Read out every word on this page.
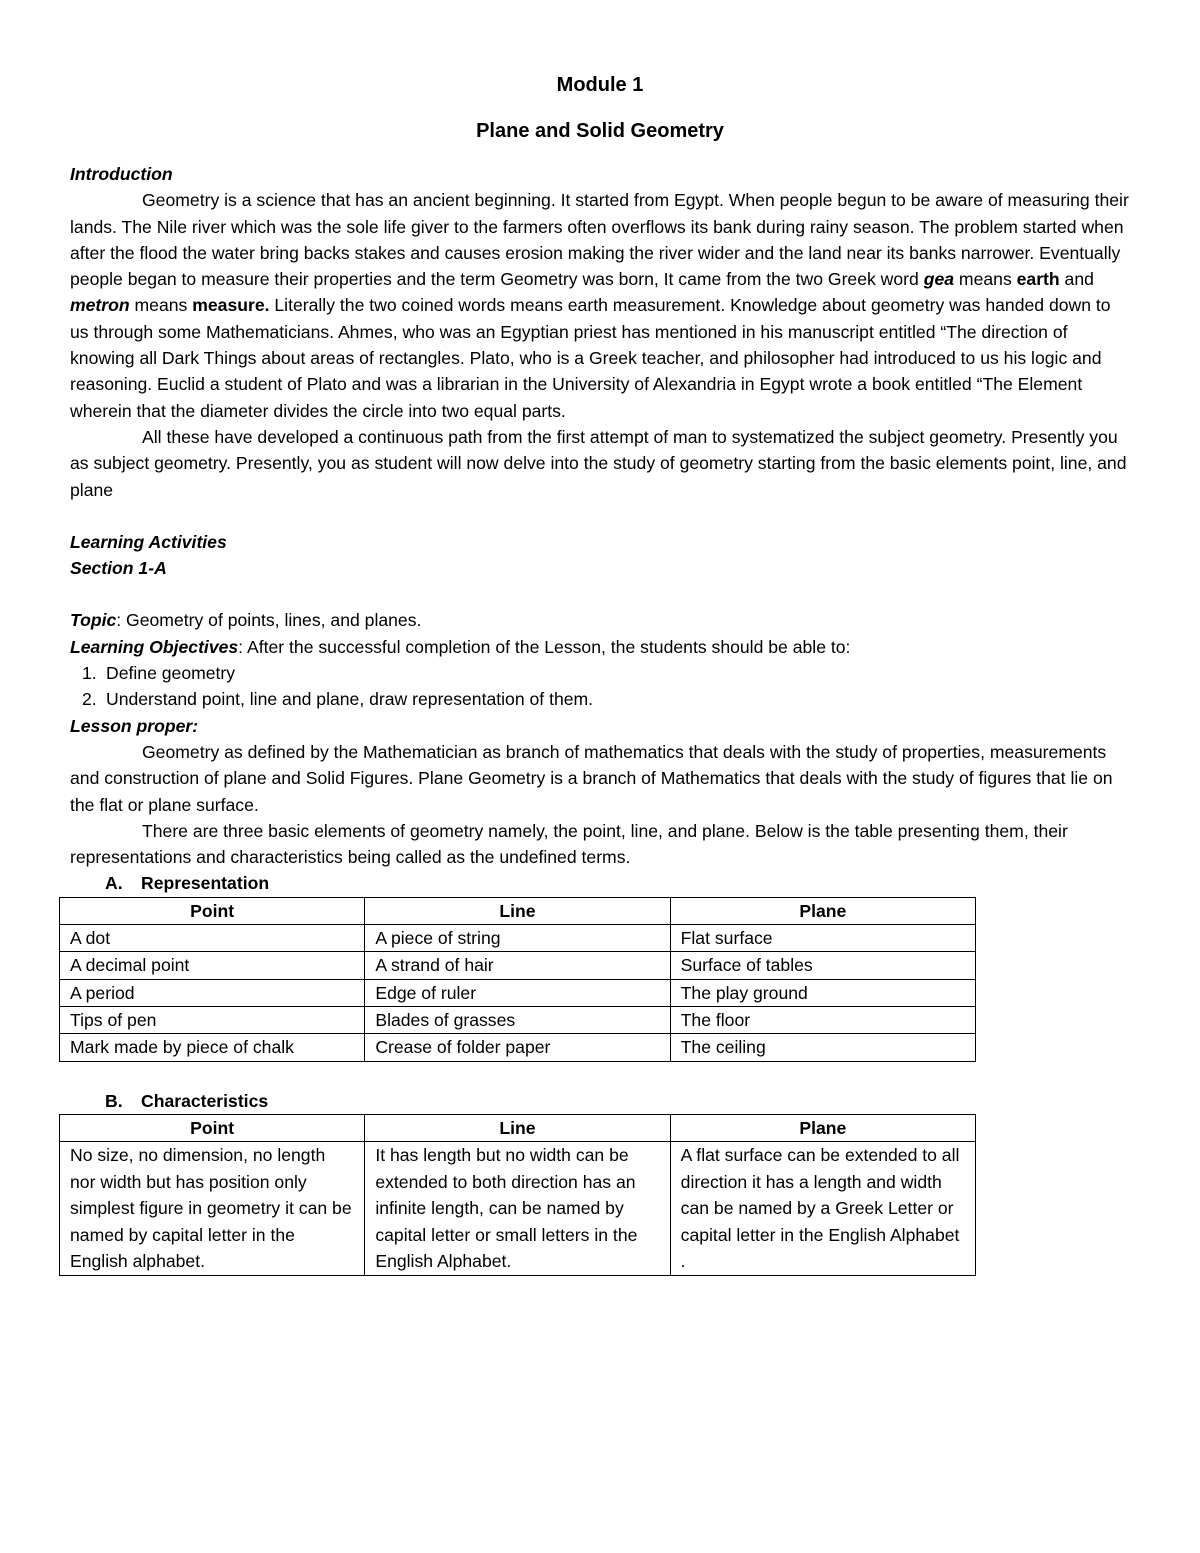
Module 1

Plane and Solid Geometry

Introduction

Geometry is a science that has an ancient beginning. It started from Egypt. When people begun to be aware of measuring their lands. The Nile river which was the sole life giver to the farmers often overflows its bank during rainy season. The problem started when after the flood the water bring backs stakes and causes erosion making the river wider and the land near its banks narrower. Eventually people began to measure their properties and the term Geometry was born, It came from the two Greek word gea means earth and metron means measure. Literally the two coined words means earth measurement. Knowledge about geometry was handed down to us through some Mathematicians. Ahmes, who was an Egyptian priest has mentioned in his manuscript entitled “The direction of knowing all Dark Things about areas of rectangles. Plato, who is a Greek teacher, and philosopher had introduced to us his logic and reasoning. Euclid a student of Plato and was a librarian in the University of Alexandria in Egypt wrote a book entitled “The Element wherein that the diameter divides the circle into two equal parts.

All these have developed a continuous path from the first attempt of man to systematized the subject geometry. Presently you as subject geometry. Presently, you as student will now delve into the study of geometry starting from the basic elements point, line, and plane

Learning Activities

Section 1-A

Topic: Geometry of points, lines, and planes.

Learning Objectives: After the successful completion of the Lesson, the students should be able to:

1. Define geometry
2. Understand point, line and plane, draw representation of them.

Lesson proper:

Geometry as defined by the Mathematician as branch of mathematics that deals with the study of properties, measurements and construction of plane and Solid Figures. Plane Geometry is a branch of Mathematics that deals with the study of figures that lie on the flat or plane surface.

There are three basic elements of geometry namely, the point, line, and plane. Below is the table presenting them, their representations and characteristics being called as the undefined terms.

A. Representation

Point	Line	Plane
A dot	A piece of string	Flat surface
A decimal point	A strand of hair	Surface of tables
A period	Edge of ruler	The play ground
Tips of pen	Blades of grasses	The floor
Mark made by piece of chalk	Crease of folder paper	The ceiling

B. Characteristics

Point	Line	Plane
No size, no dimension, no length nor width but has position only simplest figure in geometry it can be named by capital letter in the English alphabet.	It has length but no width can be extended to both direction has an infinite length, can be named by capital letter or small letters in the English Alphabet.	A flat surface can be extended to all direction it has a length and width can be named by a Greek Letter or capital letter in the English Alphabet .
